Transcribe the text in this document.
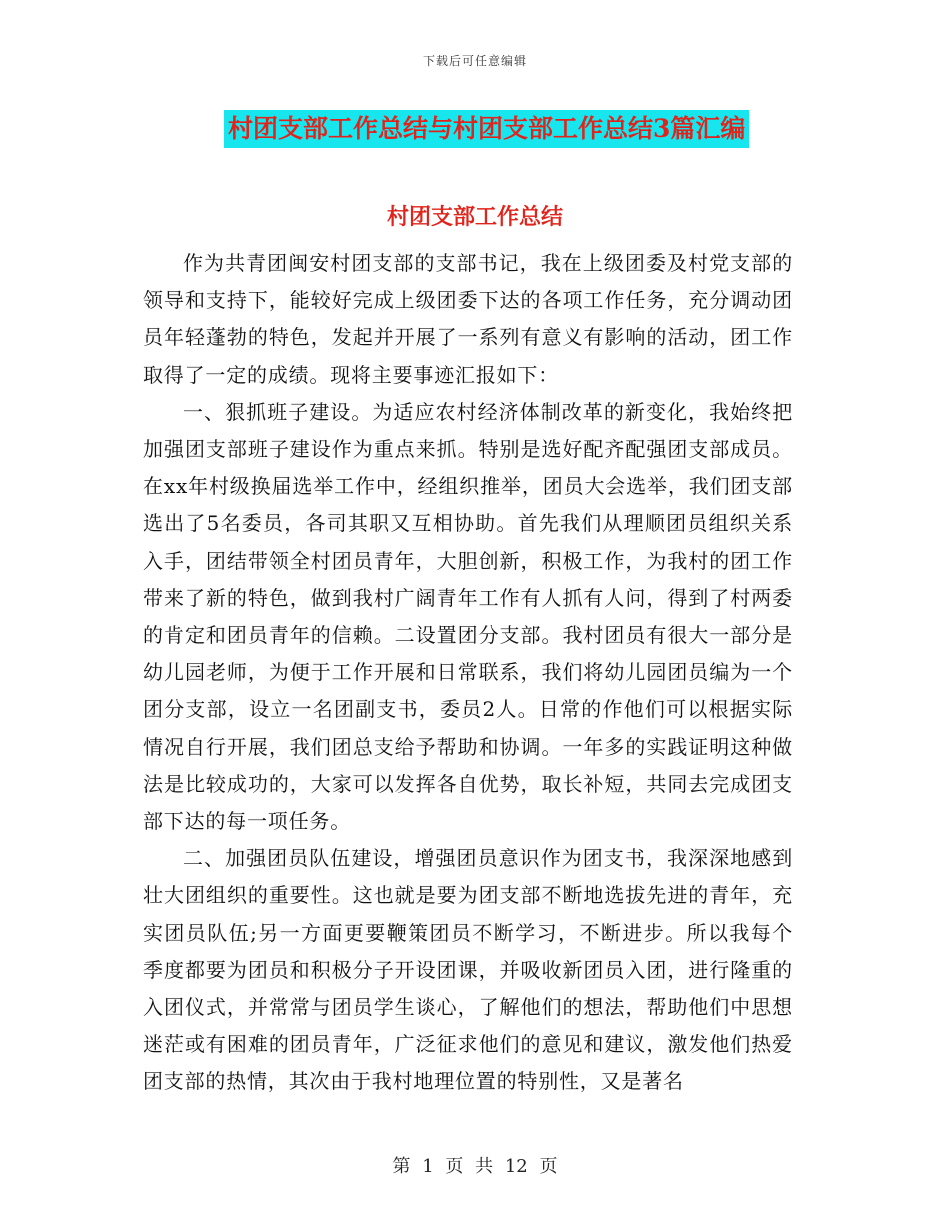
下载后可任意编辑
村团支部工作总结与村团支部工作总结3篇汇编
村团支部工作总结

作为共青团闽安村团支部的支部书记，我在上级团委及村党支部的领导和支持下，能较好完成上级团委下达的各项工作任务，充分调动团员年轻蓬勃的特色，发起并开展了一系列有意义有影响的活动，团工作取得了一定的成绩。现将主要事迹汇报如下：

一、狠抓班子建设。为适应农村经济体制改革的新变化，我始终把加强团支部班子建设作为重点来抓。特别是选好配齐配强团支部成员。在xx年村级换届选举工作中，经组织推举，团员大会选举，我们团支部选出了5名委员，各司其职又互相协助。首先我们从理顺团员组织关系入手，团结带领全村团员青年，大胆创新，积极工作，为我村的团工作带来了新的特色，做到我村广阔青年工作有人抓有人问，得到了村两委的肯定和团员青年的信赖。二设置团分支部。我村团员有很大一部分是幼儿园老师，为便于工作开展和日常联系，我们将幼儿园团员编为一个团分支部，设立一名团副支书，委员2人。日常的作他们可以根据实际情况自行开展，我们团总支给予帮助和协调。一年多的实践证明这种做法是比较成功的，大家可以发挥各自优势，取长补短，共同去完成团支部下达的每一项任务。

二、加强团员队伍建设，增强团员意识作为团支书，我深深地感到壮大团组织的重要性。这也就是要为团支部不断地选拔先进的青年，充实团员队伍;另一方面更要鞭策团员不断学习，不断进步。所以我每个季度都要为团员和积极分子开设团课，并吸收新团员入团，进行隆重的入团仪式，并常常与团员学生谈心，了解他们的想法，帮助他们中思想迷茫或有困难的团员青年，广泛征求他们的意见和建议，激发他们热爱团支部的热情，其次由于我村地理位置的特别性，又是著名

第 1 页 共 12 页
